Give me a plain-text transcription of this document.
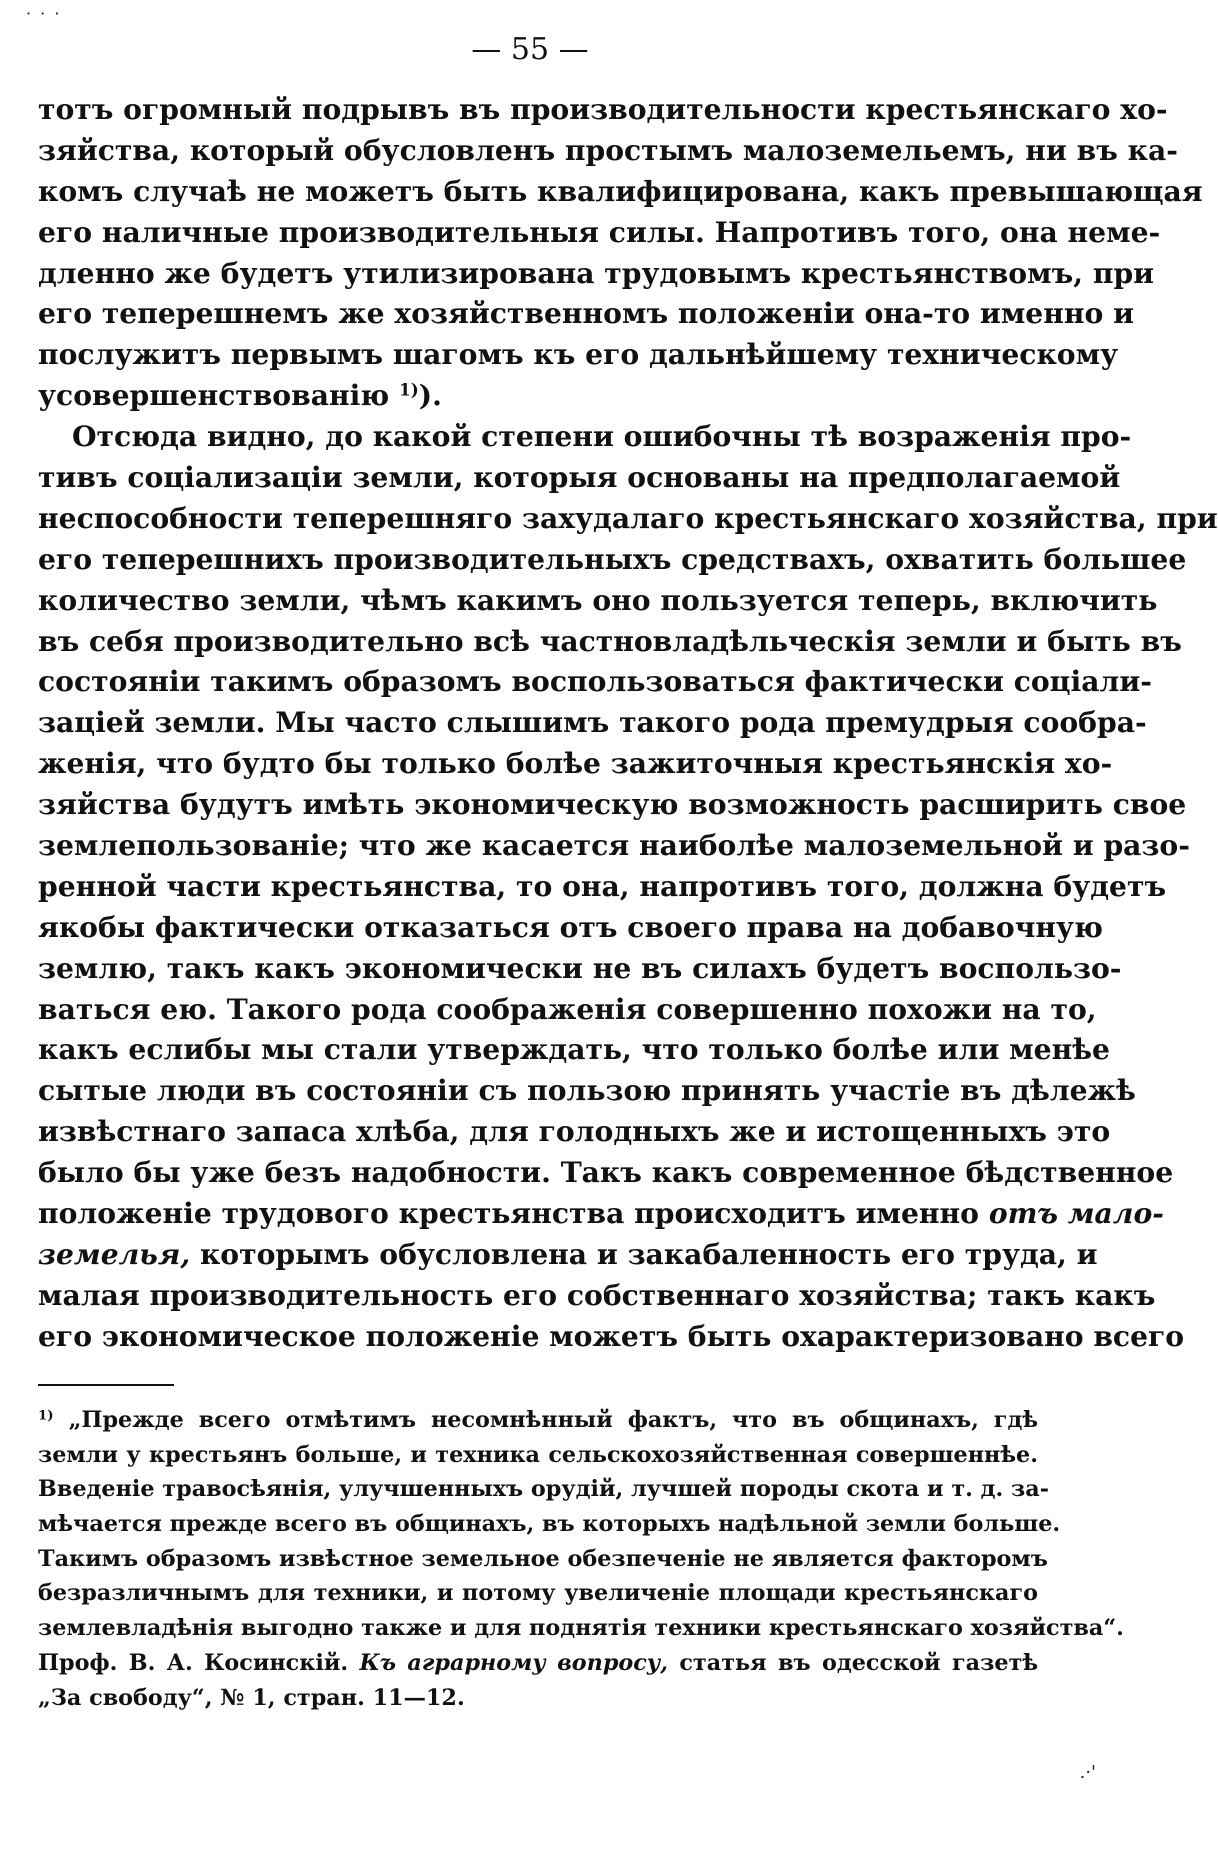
· · ·
— 55 —
тотъ огромный подрывъ въ производительности крестьянскаго хо-
зяйства, который обусловленъ простымъ малоземельемъ, ни въ ка-
комъ случаѣ не можетъ быть квалифицирована, какъ превышающая
его наличные производительныя силы. Напротивъ того, она неме-
дленно же будетъ утилизирована трудовымъ крестьянствомъ, при
его теперешнемъ же хозяйственномъ положенiи она-то именно и
послужитъ первымъ шагомъ къ его дальнѣйшему техническому
усовершенствованiю $^{1)}$).
Отсюда видно, до какой степени ошибочны тѣ возраженiя про-
тивъ соцiализацiи земли, которыя основаны на предполагаемой
неспособности теперешняго захудалаго крестьянскаго хозяйства, при
его теперешнихъ производительныхъ средствахъ, охватить большее
количество земли, чѣмъ какимъ оно пользуется теперь, включить
въ себя производительно всѣ частновладѣльческiя земли и быть въ
состоянiи такимъ образомъ воспользоваться фактически соцiали-
зацiей земли. Мы часто слышимъ такого рода премудрыя сообра-
женiя, что будто бы только болѣе зажиточныя крестьянскiя хо-
зяйства будутъ имѣть экономическую возможность расширить свое
землепользованiе; что же касается наиболѣе малоземельной и разо-
ренной части крестьянства, то она, напротивъ того, должна будетъ
якобы фактически отказаться отъ своего права на добавочную
землю, такъ какъ экономически не въ силахъ будетъ воспользо-
ваться ею. Такого рода соображенiя совершенно похожи на то,
какъ еслибы мы стали утверждать, что только болѣе или менѣе
сытые люди въ состоянiи съ пользою принять участiе въ дѣлежѣ
извѣстнаго запаса хлѣба, для голодныхъ же и истощенныхъ это
было бы уже безъ надобности. Такъ какъ современное бѣдственное
положенiе трудового крестьянства происходитъ именно отъ мало-
земелья, которымъ обусловлена и закабаленность его труда, и
малая производительность его собственнаго хозяйства; такъ какъ
его экономическое положенiе можетъ быть охарактеризовано всего
$^{1)}$ „Прежде всего отмѣтимъ несомнѣнный фактъ, что въ общинахъ, гдѣ
земли у крестьянъ больше, и техника сельскохозяйственная совершеннѣе.
Введенiе травосѣянiя, улучшенныхъ орудiй, лучшей породы скота и т. д. за-
мѣчается прежде всего въ общинахъ, въ которыхъ надѣльной земли больше.
Такимъ образомъ извѣстное земельное обезпеченiе не является факторомъ
безразличнымъ для техники, и потому увеличенiе площади крестьянскаго
землевладѣнiя выгодно также и для поднятiя техники крестьянскаго хозяйства“.
Проф. В. А. Косинскiй. Къ аграрному вопросу, статья въ одесской газетѣ
„За свободу“, № 1, стран. 11—12.
.·'
